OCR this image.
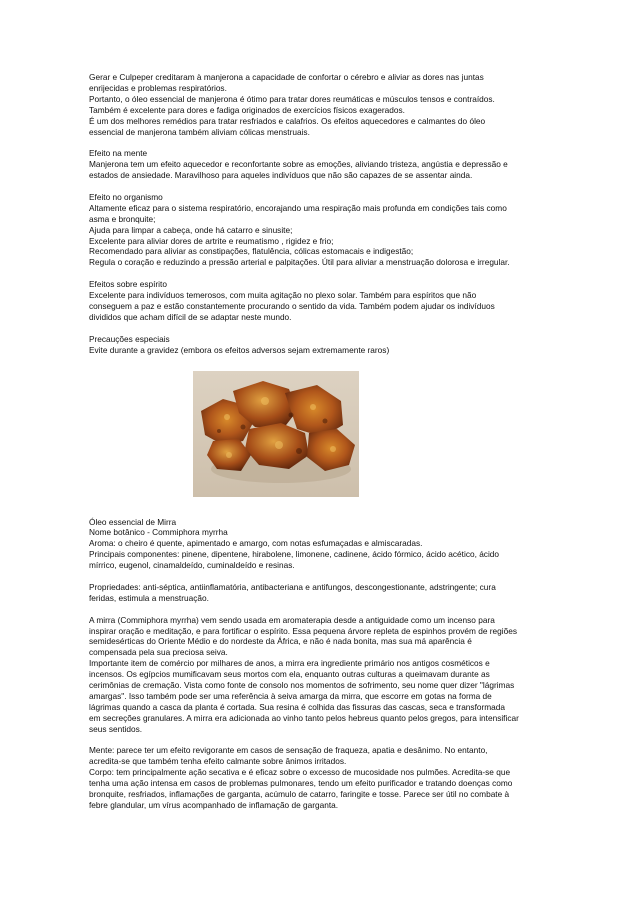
Gerar e Culpeper creditaram à manjerona a capacidade de confortar o cérebro e aliviar as dores nas juntas
enrijecidas e problemas respiratórios.
Portanto, o óleo essencial de manjerona é ótimo para tratar dores reumáticas e músculos tensos e contraídos.
Também é excelente para dores e fadiga originados de exercícios físicos exagerados.
É um dos melhores remédios para tratar resfriados e calafrios. Os efeitos aquecedores e calmantes do óleo
essencial de manjerona também aliviam cólicas menstruais.
Efeito na mente
Manjerona tem um efeito aquecedor e reconfortante sobre as emoções, aliviando tristeza, angústia e depressão e
estados de ansiedade. Maravilhoso para aqueles indivíduos que não são capazes de se assentar ainda.
Efeito no organismo
Altamente eficaz para o sistema respiratório, encorajando uma respiração mais profunda em condições tais como
asma e bronquite;
Ajuda para limpar a cabeça, onde há catarro e sinusite;
Excelente para aliviar dores de artrite e reumatismo , rigidez e frio;
Recomendado para aliviar as constipações, flatulência, cólicas estomacais e indigestão;
Regula o coração e reduzindo a pressão arterial e palpitações. Útil para aliviar a menstruação dolorosa e irregular.
Efeitos sobre espírito
Excelente para indivíduos temerosos, com muita agitação no plexo solar. Também para espíritos que não
conseguem a paz e estão constantemente procurando o sentido da vida. Também podem ajudar os indivíduos
divididos que acham difícil de se adaptar neste mundo.
Precauções especiais
Evite durante a gravidez (embora os efeitos adversos sejam extremamente raros)
Óleo essencial de Mirra
Nome botânico - Commiphora myrrha
Aroma: o cheiro é quente, apimentado e amargo, com notas esfumaçadas e almiscaradas.
Principais componentes: pinene, dipentene, hirabolene, limonene, cadinene, ácido fórmico, ácido acético, ácido
mírrico, eugenol, cinamaldeído, cuminaldeído e resinas.
Propriedades: anti-séptica, antiinflamatória, antibacteriana e antifungos, descongestionante, adstringente; cura
feridas, estimula a menstruação.
A mirra (Commiphora myrrha) vem sendo usada em aromaterapia desde a antiguidade como um incenso para
inspirar oração e meditação, e para fortificar o espírito. Essa pequena árvore repleta de espinhos provém de regiões
semidesérticas do Oriente Médio e do nordeste da África, e não é nada bonita, mas sua má aparência é
compensada pela sua preciosa seiva.
Importante item de comércio por milhares de anos, a mirra era ingrediente primário nos antigos cosméticos e
incensos. Os egípcios mumificavam seus mortos com ela, enquanto outras culturas a queimavam durante as
cerimônias de cremação. Vista como fonte de consolo nos momentos de sofrimento, seu nome quer dizer "lágrimas
amargas". Isso também pode ser uma referência à seiva amarga da mirra, que escorre em gotas na forma de
lágrimas quando a casca da planta é cortada. Sua resina é colhida das fissuras das cascas, seca e transformada
em secreções granulares. A mirra era adicionada ao vinho tanto pelos hebreus quanto pelos gregos, para intensificar
seus sentidos.
Mente: parece ter um efeito revigorante em casos de sensação de fraqueza, apatia e desânimo. No entanto,
acredita-se que também tenha efeito calmante sobre ânimos irritados.
Corpo: tem principalmente ação secativa e é eficaz sobre o excesso de mucosidade nos pulmões. Acredita-se que
tenha uma ação intensa em casos de problemas pulmonares, tendo um efeito purificador e tratando doenças como
bronquite, resfriados, inflamações de garganta, acúmulo de catarro, faringite e tosse. Parece ser útil no combate à
febre glandular, um vírus acompanhado de inflamação de garganta.
